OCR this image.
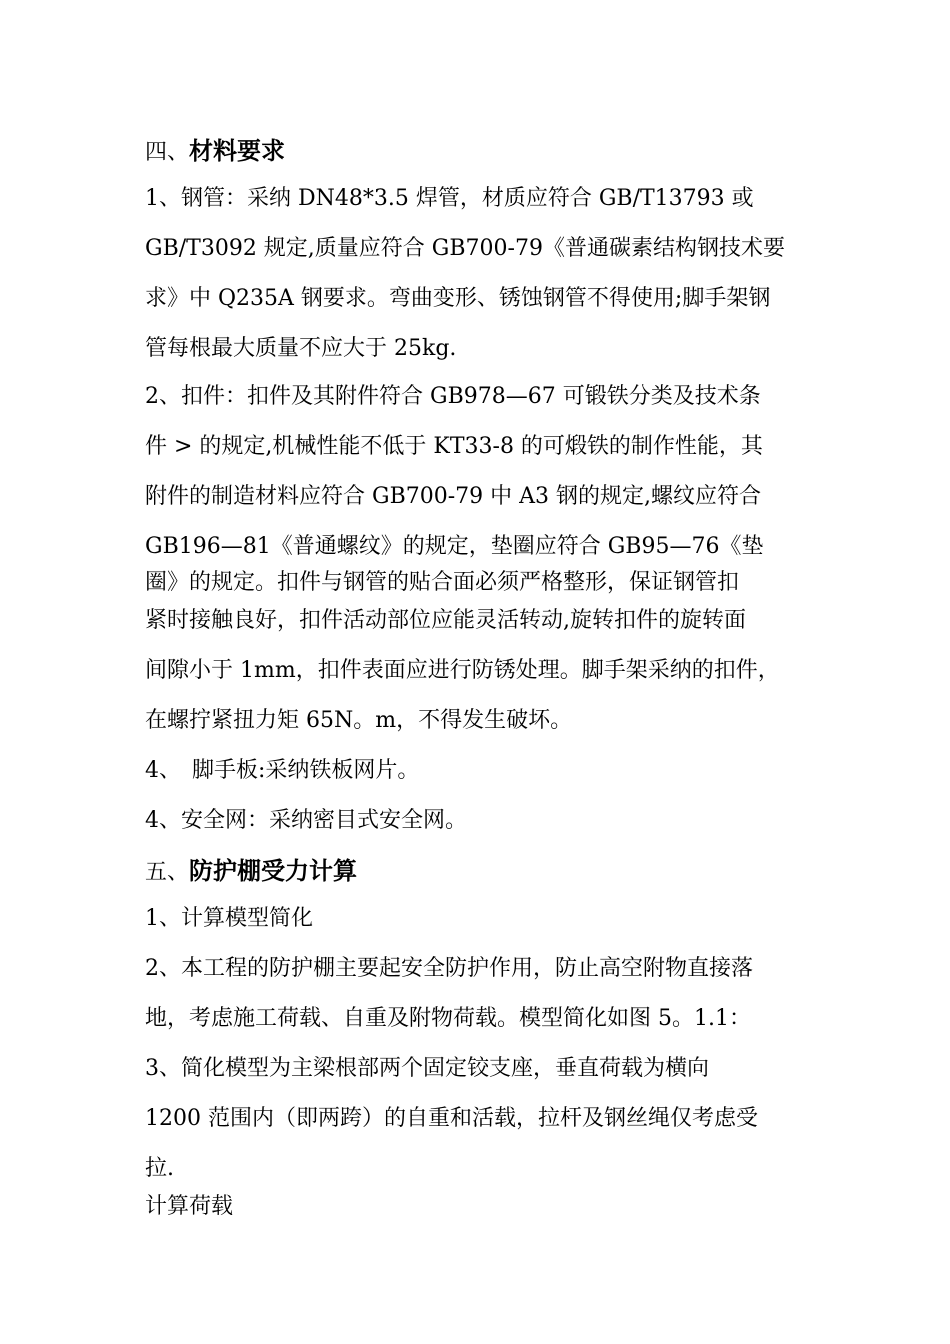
四、材料要求
1、钢管：采纳 DN48*3.5 焊管，材质应符合 GB/T13793 或
GB/T3092 规定,质量应符合 GB700-79《普通碳素结构钢技术要
求》中 Q235A 钢要求。弯曲变形、锈蚀钢管不得使用;脚手架钢
管每根最大质量不应大于 25kg.
2、扣件：扣件及其附件符合 GB978—67 可锻铁分类及技术条
件 > 的规定,机械性能不低于 KT33-8 的可煅铁的制作性能，其
附件的制造材料应符合 GB700-79 中 A3 钢的规定,螺纹应符合
GB196—81《普通螺纹》的规定，垫圈应符合 GB95—76《垫
圈》的规定。扣件与钢管的贴合面必须严格整形，保证钢管扣
紧时接触良好，扣件活动部位应能灵活转动,旋转扣件的旋转面
间隙小于 1mm，扣件表面应进行防锈处理。脚手架采纳的扣件，
在螺拧紧扭力矩 65N。m，不得发生破坏。
4、　脚手板:采纳铁板网片。
4、安全网：采纳密目式安全网。
五、防护棚受力计算
1、计算模型简化
2、本工程的防护棚主要起安全防护作用，防止高空附物直接落
地，考虑施工荷载、自重及附物荷载。模型简化如图 5。1.1：
3、简化模型为主梁根部两个固定铰支座，垂直荷载为横向
1200 范围内（即两跨）的自重和活载，拉杆及钢丝绳仅考虑受
拉.
计算荷载
